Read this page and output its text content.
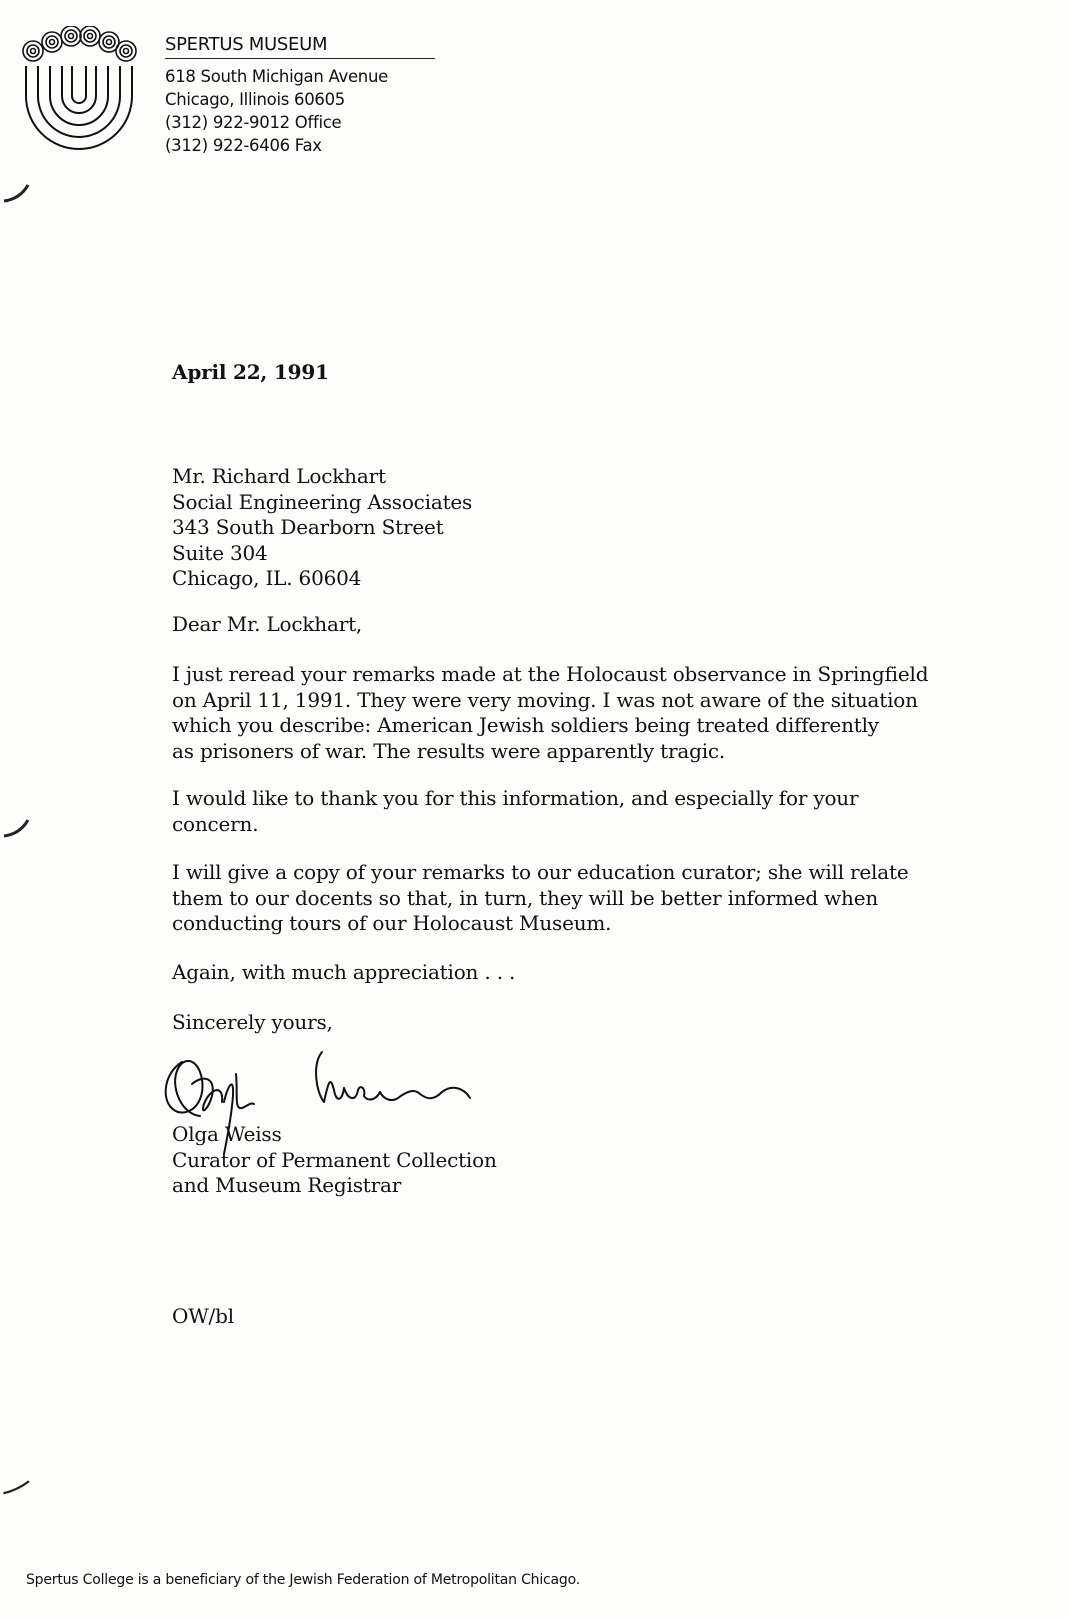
SPERTUS MUSEUM
618 South Michigan Avenue
Chicago, Illinois 60605
(312) 922-9012 Office
(312) 922-6406 Fax
April 22, 1991
Mr. Richard Lockhart
Social Engineering Associates
343 South Dearborn Street
Suite 304
Chicago, IL. 60604
Dear Mr. Lockhart,
I just reread your remarks made at the Holocaust observance in Springfield
on April 11, 1991. They were very moving. I was not aware of the situation
which you describe: American Jewish soldiers being treated differently
as prisoners of war. The results were apparently tragic.
I would like to thank you for this information, and especially for your
concern.
I will give a copy of your remarks to our education curator; she will relate
them to our docents so that, in turn, they will be better informed when
conducting tours of our Holocaust Museum.
Again, with much appreciation . . .
Sincerely yours,
Olga Weiss
Curator of Permanent Collection
and Museum Registrar
OW/bl
Spertus College is a beneficiary of the Jewish Federation of Metropolitan Chicago.
